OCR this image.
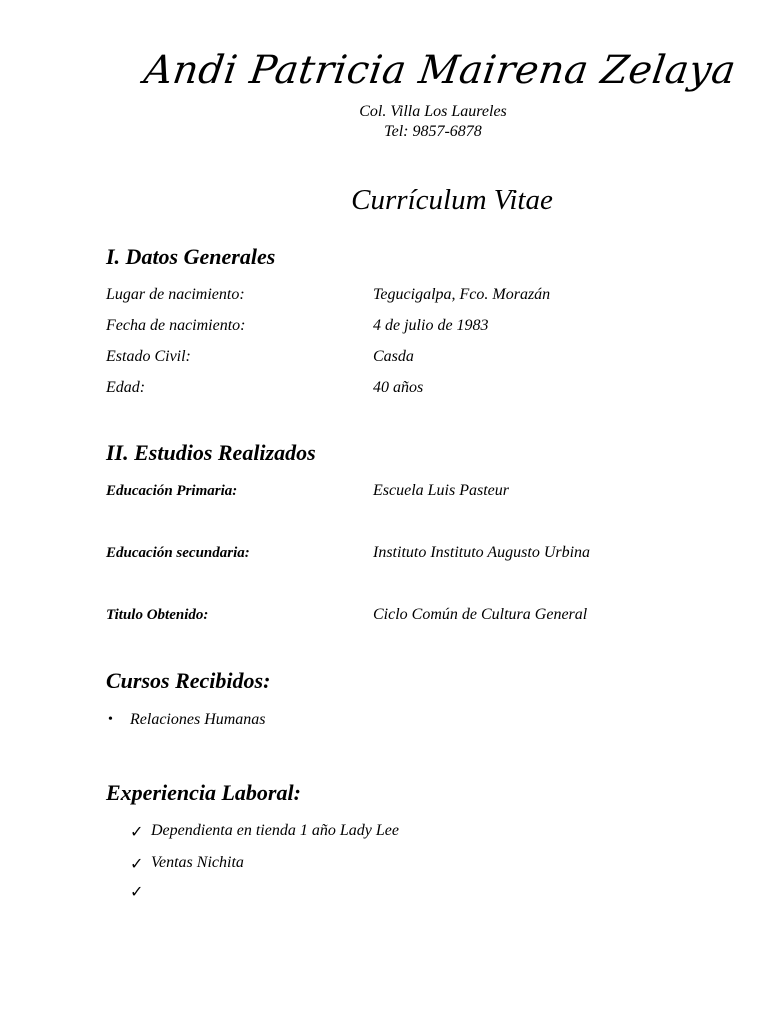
Andi Patricia Mairena Zelaya
Col. Villa Los Laureles
Tel: 9857-6878
Currículum Vitae
I. Datos Generales
Lugar de nacimiento:	Tegucigalpa, Fco. Morazán
Fecha de nacimiento:	4 de julio de 1983
Estado Civil:	Casda
Edad:	40 años
II. Estudios Realizados
Educación Primaria:	Escuela Luis Pasteur
Educación secundaria:	Instituto Instituto Augusto Urbina
Titulo Obtenido:	Ciclo Común de Cultura General
Cursos Recibidos:
• Relaciones Humanas
Experiencia Laboral:
✓ Dependienta en tienda 1 año Lady Lee
✓ Ventas Nichita
✓
